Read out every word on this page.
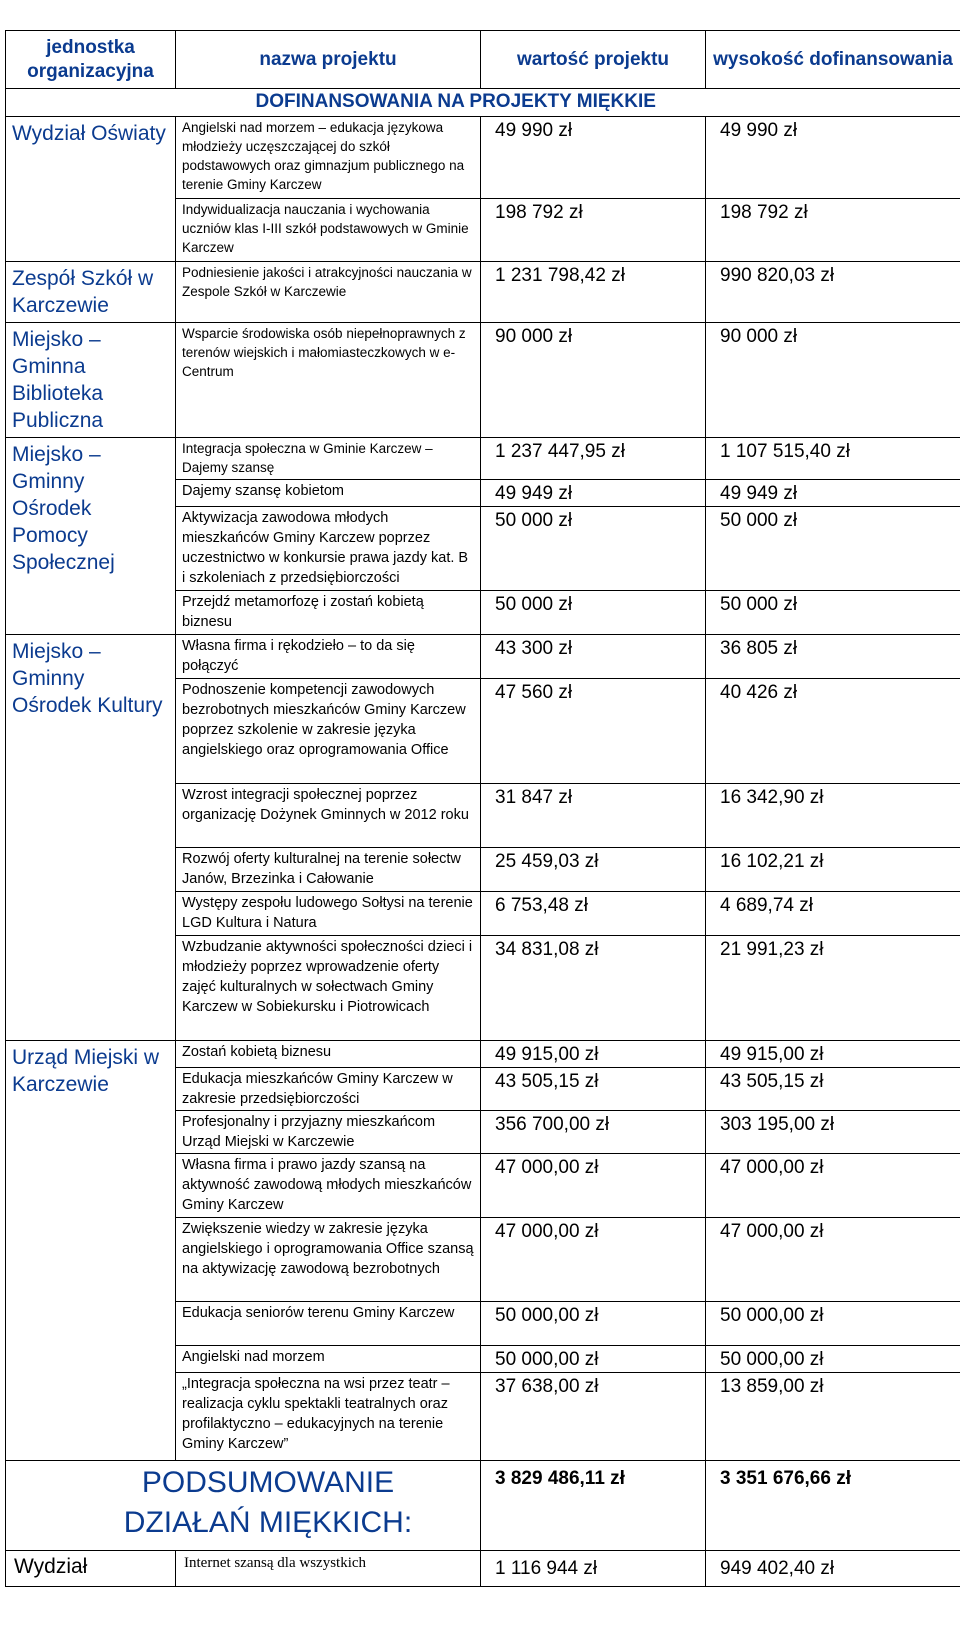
jednostka organizacyjna	nazwa projektu	wartość projektu	wysokość dofinansowania
	DOFINANSOWANIA NA PROJEKTY MIĘKKIE		
Wydział Oświaty	Angielski nad morzem – edukacja językowa młodzieży uczęszczającej do szkół podstawowych oraz gimnazjum publicznego na terenie Gminy Karczew	49 990 zł	49 990 zł
	Indywidualizacja nauczania i wychowania uczniów klas I-III szkół podstawowych w Gminie Karczew	198 792 zł	198 792 zł
Zespół Szkół w Karczewie	Podniesienie jakości i atrakcyjności nauczania w Zespole Szkół w Karczewie	1 231 798,42 zł	990 820,03 zł
Miejsko – Gminna Biblioteka Publiczna	Wsparcie środowiska osób niepełnoprawnych z terenów wiejskich i małomiasteczkowych w e-Centrum	90 000 zł	90 000 zł
Miejsko – Gminny Ośrodek Pomocy Społecznej	Integracja społeczna w Gminie Karczew – Dajemy szansę	1 237 447,95 zł	1 107 515,40 zł
	Dajemy szansę kobietom	49 949 zł	49 949 zł
	Aktywizacja zawodowa młodych mieszkańców Gminy Karczew poprzez uczestnictwo w konkursie prawa jazdy kat. B i szkoleniach z przedsiębiorczości	50 000 zł	50 000 zł
	Przejdź metamorfozę i zostań kobietą biznesu	50 000 zł	50 000 zł
Miejsko – Gminny Ośrodek Kultury	Własna firma i rękodzieło – to da się połączyć	43 300 zł	36 805 zł
	Podnoszenie kompetencji zawodowych bezrobotnych mieszkańców Gminy Karczew poprzez szkolenie w zakresie języka angielskiego oraz oprogramowania Office	47 560 zł	40 426 zł
	Wzrost integracji społecznej poprzez organizację Dożynek Gminnych w 2012 roku	31 847 zł	16 342,90 zł
	Rozwój oferty kulturalnej na terenie sołectw Janów, Brzezinka i Całowanie	25 459,03 zł	16 102,21 zł
	Występy zespołu ludowego Sołtysi na terenie LGD Kultura i Natura	6 753,48 zł	4 689,74 zł
	Wzbudzanie aktywności społeczności dzieci i młodzieży poprzez wprowadzenie oferty zajęć kulturalnych w sołectwach Gminy Karczew w Sobiekursku i Piotrowicach	34 831,08 zł	21 991,23 zł
Urząd Miejski w Karczewie	Zostań kobietą biznesu	49 915,00 zł	49 915,00 zł
	Edukacja mieszkańców Gminy Karczew w zakresie przedsiębiorczości	43 505,15 zł	43 505,15 zł
	Profesjonalny i przyjazny mieszkańcom Urząd Miejski w Karczewie	356 700,00 zł	303 195,00 zł
	Własna firma i prawo jazdy szansą na aktywność zawodową młodych mieszkańców Gminy Karczew	47 000,00 zł	47 000,00 zł
	Zwiększenie wiedzy w zakresie języka angielskiego i oprogramowania Office szansą na aktywizację zawodową bezrobotnych	47 000,00 zł	47 000,00 zł
	Edukacja seniorów terenu Gminy Karczew	50 000,00 zł	50 000,00 zł
	Angielski nad morzem	50 000,00 zł	50 000,00 zł
	„Integracja społeczna na wsi przez teatr – realizacja cyklu spektakli teatralnych oraz profilaktyczno – edukacyjnych na terenie Gminy Karczew”	37 638,00 zł	13 859,00 zł
PODSUMOWANIE DZIAŁAŃ MIĘKKICH:		3 829 486,11 zł	3 351 676,66 zł
Wydział	Internet szansą dla wszystkich	1 116 944 zł	949 402,40 zł
